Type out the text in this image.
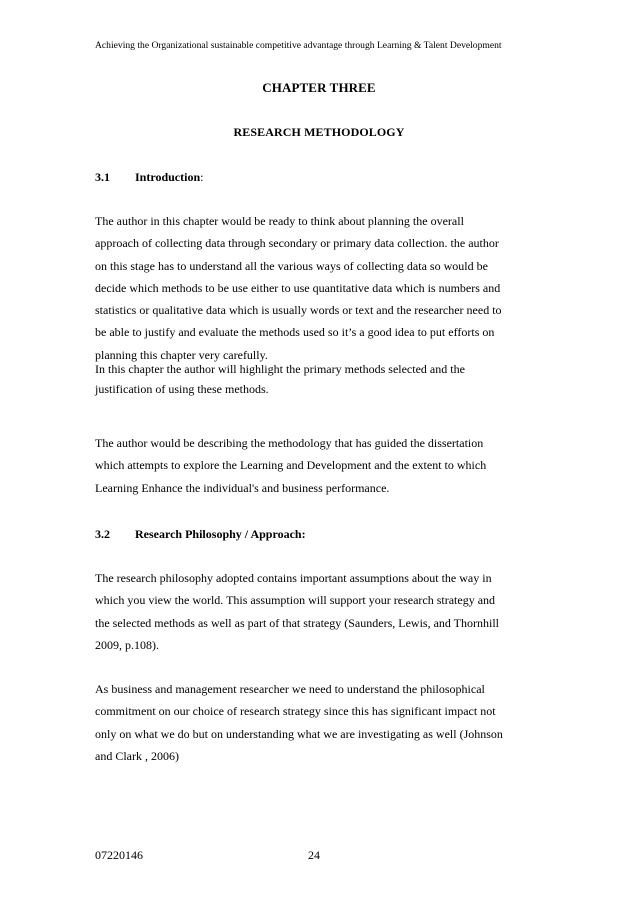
Achieving the Organizational sustainable competitive advantage through Learning & Talent Development
CHAPTER THREE
RESEARCH METHODOLOGY
3.1 Introduction:
The author in this chapter would be ready to think about planning the overall
approach of collecting data through secondary or primary data collection. the author
on this stage has to understand all the various ways of collecting data so would be
decide which methods to be use either to use quantitative data which is numbers and
statistics or qualitative data which is usually words or text and the researcher need to
be able to justify and evaluate the methods used so it’s a good idea to put efforts on
planning this chapter very carefully.
In this chapter the author will highlight the primary methods selected and the
justification of using these methods.
The author would be describing the methodology that has guided the dissertation
which attempts to explore the Learning and Development and the extent to which
Learning Enhance the individual's and business performance.
3.2 Research Philosophy / Approach:
The research philosophy adopted contains important assumptions about the way in
which you view the world. This assumption will support your research strategy and
the selected methods as well as part of that strategy (Saunders, Lewis, and Thornhill
2009, p.108).
As business and management researcher we need to understand the philosophical
commitment on our choice of research strategy since this has significant impact not
only on what we do but on understanding what we are investigating as well (Johnson
and Clark , 2006)
07220146	24
